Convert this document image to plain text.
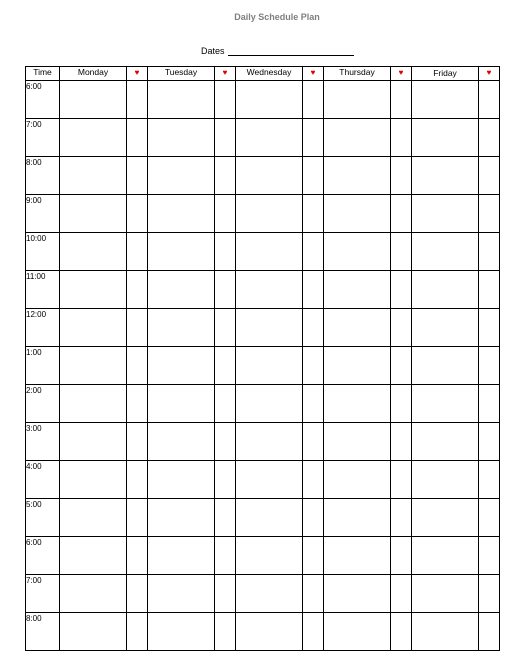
Daily Schedule Plan
Dates
Time	Monday	♥	Tuesday	♥	Wednesday	♥	Thursday	♥	Friday	♥
6:00										
7:00										
8:00										
9:00										
10:00										
11:00										
12:00										
1:00										
2:00										
3:00										
4:00										
5:00										
6:00										
7:00										
8:00										
